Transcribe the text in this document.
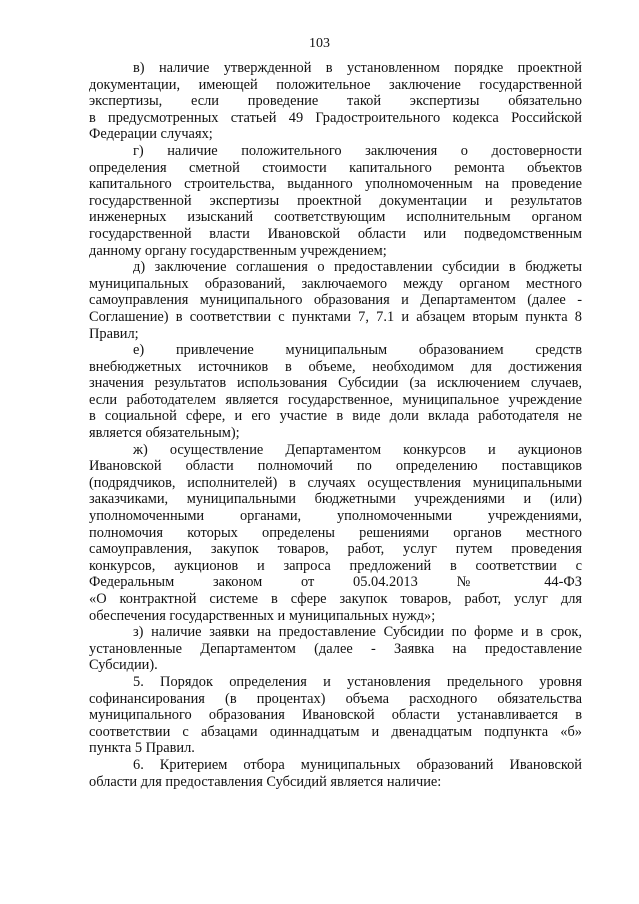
103
в) наличие утвержденной в установленном порядке проектной
документации, имеющей положительное заключение государственной
экспертизы, если проведение такой экспертизы обязательно
в предусмотренных статьей 49 Градостроительного кодекса Российской
Федерации случаях;
г) наличие положительного заключения о достоверности
определения сметной стоимости капитального ремонта объектов
капитального строительства, выданного уполномоченным на проведение
государственной экспертизы проектной документации и результатов
инженерных изысканий соответствующим исполнительным органом
государственной власти Ивановской области или подведомственным
данному органу государственным учреждением;
д) заключение соглашения о предоставлении субсидии в бюджеты
муниципальных образований, заключаемого между органом местного
самоуправления муниципального образования и Департаментом (далее -
Соглашение) в соответствии с пунктами 7, 7.1 и абзацем вторым пункта 8
Правил;
е) привлечение муниципальным образованием средств
внебюджетных источников в объеме, необходимом для достижения
значения результатов использования Субсидии (за исключением случаев,
если работодателем является государственное, муниципальное учреждение
в социальной сфере, и его участие в виде доли вклада работодателя не
является обязательным);
ж) осуществление Департаментом конкурсов и аукционов
Ивановской области полномочий по определению поставщиков
(подрядчиков, исполнителей) в случаях осуществления муниципальными
заказчиками, муниципальными бюджетными учреждениями и (или)
уполномоченными органами, уполномоченными учреждениями,
полномочия которых определены решениями органов местного
самоуправления, закупок товаров, работ, услуг путем проведения
конкурсов, аукционов и запроса предложений в соответствии с
Федеральным законом от 05.04.2013 № 44-ФЗ
«О контрактной системе в сфере закупок товаров, работ, услуг для
обеспечения государственных и муниципальных нужд»;
з) наличие заявки на предоставление Субсидии по форме и в срок,
установленные Департаментом (далее - Заявка на предоставление
Субсидии).
5. Порядок определения и установления предельного уровня
софинансирования (в процентах) объема расходного обязательства
муниципального образования Ивановской области устанавливается в
соответствии с абзацами одиннадцатым и двенадцатым подпункта «б»
пункта 5 Правил.
6. Критерием отбора муниципальных образований Ивановской
области для предоставления Субсидий является наличие:
